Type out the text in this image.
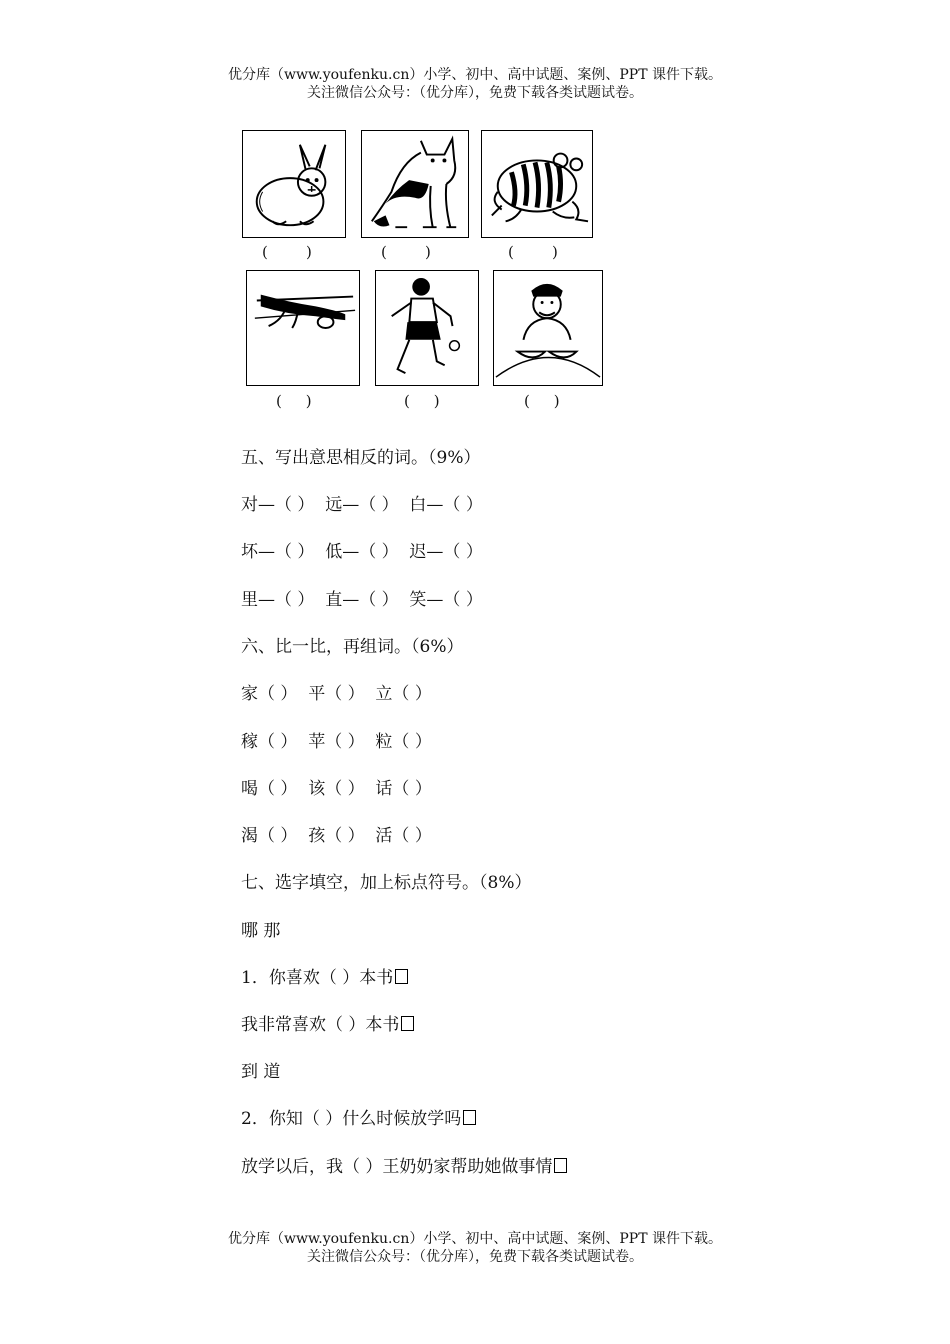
优分库（www.youfenku.cn）小学、初中、高中试题、案例、PPT 课件下载。
关注微信公众号：（优分库），免费下载各类试题试卷。
(        )	(        )	(        )
(     )	(     )	(     )
五、写出意思相反的词。（9%）
对—（ ）  远—（ ）  白—（ ）
坏—（ ）  低—（ ）  迟—（ ）
里—（ ）  直—（ ）  笑—（ ）
六、比一比，再组词。（6%）
家（ ）  平（ ）  立（ ）
稼（ ）  苹（ ）  粒（ ）
喝（ ）  该（ ）  话（ ）
渴（ ）  孩（ ）  活（ ）
七、选字填空，加上标点符号。（8%）
哪 那
1．你喜欢（ ）本书
我非常喜欢（ ）本书
到 道
2．你知（ ）什么时候放学吗
放学以后，我（ ）王奶奶家帮助她做事情
优分库（www.youfenku.cn）小学、初中、高中试题、案例、PPT 课件下载。
关注微信公众号：（优分库），免费下载各类试题试卷。
